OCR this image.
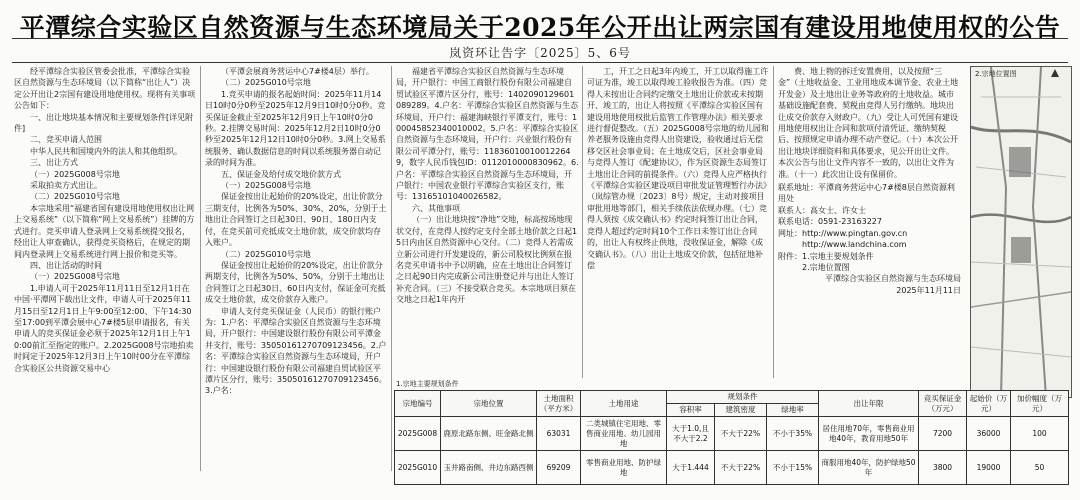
平潭综合实验区自然资源与生态环境局关于2025年公开出让两宗国有建设用地使用权的公告
岚资环让告字〔2025〕5、6号

经平潭综合实验区管委会批准，平潭综合实验区自然资源与生态环境局（以下简称“出让人”）决定公开出让2宗国有建设用地使用权。现将有关事项公告如下：

一、出让地块基本情况和主要规划条件[详见附件]

二、竞买申请人范围

中华人民共和国境内外的法人和其他组织。

三、出让方式

（一）2025G008号宗地

采取拍卖方式出让。

（二）2025G010号宗地

本宗地采用“福建省国有建设用地使用权出让网上交易系统”（以下简称“网上交易系统”）挂牌的方式进行。竞买申请人登录网上交易系统提交报名，经出让人审查确认，获得竞买资格后，在规定的期间内登录网上交易系统进行网上报价和竞买等。

四、出让活动的时间

（一）2025G008号宗地

1.申请人可于2025年11月11日至12月1日在中国·平潭网下载出让文件，申请人可于2025年11月15日至12月1日上午9:00至12:00、下午14:30至17:00到平潭会展中心7#楼5层申请报名，有关申请人的竞买保证金必须于2025年12月1日上午10:00前汇至指定的账户。2.2025G008号宗地拍卖时间定于2025年12月3日上午10时00分在平潭综合实验区公共资源交易中心

（平潭会展商务营运中心7#楼4层）举行。

（二）2025G010号宗地

1.竞买申请的报名起始时间：2025年11月14日10时0分0秒至2025年12月9日10时0分0秒。竞买保证金截止至2025年12月9日上午10时0分0秒。2.挂牌交易时间：2025年12月2日10时0分0秒至2025年12月12日10时0分0秒。3.网上交易系统服务、确认数据信息的时间以系统服务器自动记录的时间为准。

五、保证金及给付成交地价款方式

（一）2025G008号宗地

保证金按出让起始价的20%设定，出让价款分三期支付，比例各为50%、30%、20%，分别于土地出让合同签订之日起30日、90日、180日内支付，在竞买前可充抵成交土地价款，成交价款均存入账户。

（二）2025G010号宗地

保证金按出让起始价的20%设定，出让价款分两期支付，比例各为50%、50%，分别于土地出让合同签订之日起30日、60日内支付，保证金可充抵成交土地价款，成交价款存入账户。

申请人支付竞买保证金（人民币）的银行账户为：1.户名：平潭综合实验区自然资源与生态环境局，开户银行：中国建设银行股份有限公司平潭金井支行，账号：35050161270709123456。2.户名：平潭综合实验区自然资源与生态环境局，开户行：中国建设银行股份有限公司福建自贸试验区平潭片区分行，账号：35050161270709123456。3.户名：

福建省平潭综合实验区自然资源与生态环境局，开户银行：中国工商银行股份有限公司福建自贸试验区平潭片区分行，账号：1402090129601089289。4.户名：平潭综合实验区自然资源与生态环境局，开户行：福建海峡银行平潭支行，账号：100045852340010002。5.户名：平潭综合实验区自然资源与生态环境局，开户行：兴业银行股份有限公司平潭分行，账号：118360100100122649，数字人民币钱包ID：0112010000830962。6.户名：平潭综合实验区自然资源与生态环境局，开户银行：中国农业银行平潭综合实验区支行，账号：13165101040026582。

六、其他事项

（一）出让地块按“净地”交地，标高按场地现状交付，在竞得人按约定支付全部土地价款之日起15日内由区自然资源中心交付。（二）竞得人若需成立新公司进行开发建设的，新公司股权比例须在报名竞买申请书中予以明确，应在土地出让合同签订之日起90日内完成新公司注册登记并与出让人签订补充合同。（三）不接受联合竞买。本宗地项目须在交地之日起1年内开

工，开工之日起3年内竣工，开工以取得施工许可证为准，竣工以取得竣工验收报告为准。（四）竞得人未按出让合同约定缴交土地出让价款或未按期开、竣工的，出让人将按照《平潭综合实验区国有建设用地使用权批后监管工作管理办法》相关要求进行督促整改。（五）2025G008号宗地的幼儿园和养老服务设施由竞得人出资建设，验收通过后无偿移交区社会事业局；在土地成交后，区社会事业局与竞得人签订《配建协议》，作为区资源生态局签订土地出让合同的前提条件。（六）竞得人应严格执行《平潭综合实验区建设项目审批发证管理暂行办法》（岚综管办规〔2023〕8号）规定，主动对接项目审批用地等部门，相关手续依法依规办理。（七）竞得人须按《成交确认书》约定时间签订出让合同，竞得人超过约定时间10个工作日未签订出让合同的，出让人有权终止供地，没收保证金，解除《成交确认书》。（八）出让土地成交价款，包括征地补偿

费、地上物的拆迁安置费用，以及按照“三金”（土地收益金、工业用地成本调节金、农业土地开发金）及土地出让业务等政府的土地收益。城市基础设施配套费、契税由竞得人另行缴纳。地块出让成交价款存入财政户。（九）受让人可凭国有建设用地使用权出让合同和款项付清凭证、缴纳契税后、按照规定申请办理不动产登记。（十）本次公开出让地块详细资料和具体要求，见公开出让文件。本次公告与出让文件内容不一致的，以出让文件为准。（十一）此次出让设有保留价。

联系地址：平潭商务营运中心7#楼8层自然资源利用处

联系人：高女士、许女士

联系电话：0591-23163227

网址：http://www.pingtan.gov.cn

http://www.landchina.com

附件：1.宗地主要规划条件

2.宗地位置图

平潭综合实验区自然资源与生态环境局

2025年11月11日

2.宗地位置图
1.宗地主要规划条件
宗地编号	宗地位置	土地面积（平方米）	土地用途	规划条件			出让年限	竞买保证金（万元）	起始价（万元）	加价幅度（万元）
				容积率	建筑密度	绿地率				
2025G008	鹿原北路东侧、旺金路北侧	63031	二类城镇住宅用地、零售商业用地、幼儿园用地	大于1.0,且不大于2.2	不大于22%	不小于35%	居住用地70年，零售商业用地40年，教育用地50年	7200	36000	100
2025G010	玉井路南侧、井边东路西侧	69209	零售商业用地、防护绿地	大于1.444	不大于22%	不小于15%	商服用地40年，防护绿地50年	3800	19000	50
